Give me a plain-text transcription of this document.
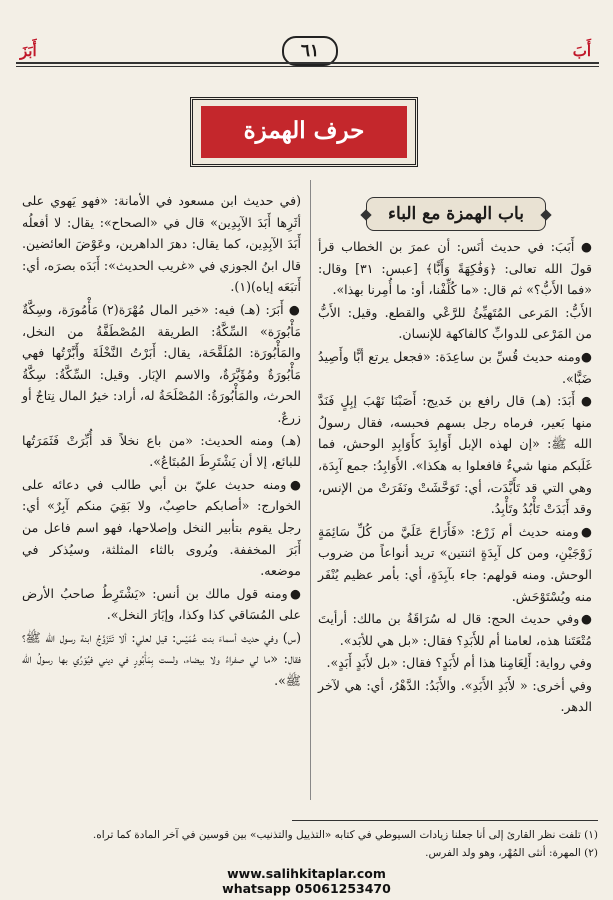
أَبَ
أَبَزَ	٦١
حرف الهمزة
باب الهمزة مع الباء

● أَبَبَ: في حديث أنَس: أن عمرَ بن الخطاب قرأ قولَ الله تعالى: ﴿وَفَٰكِهَةً وَأَبًّا﴾ [عبس: ٣١] وقال: «فما الأَبُّ؟» ثم قال: «ما كُلِّفْنا، أو: ما أُمِرنا بهذا».

الأَبُّ: المَرعى المُتَهيِّئُ للرَّعْي والقطع. وقيل: الأَبُّ من المَرْعى للدوابِّ كالفاكهة للإنسان.

●ومنه حديث قُسِّ بن ساعِدَة: «فجعل يرتع أبًّا وأَصِيدُ ضَبًّا».

● أَبَدَ: (هـ) قال رافع بن خَديج: أَصَبْنَا نَهْبَ إبِلٍ فَنَدَّ منها بَعير، فرماه رجل بسهم فحبسه، فقال رسولُ الله ﷺ: «إن لهذه الإبل أَوَابِدَ كأَوَابِدِ الوحش، فما غَلَبكم منها شيءٌ فافعلوا به هكذا». الأَوَابِدُ: جمع آبِدَة، وهي التي قد تَأَبَّدَت، أي: تَوَحَّشَتْ ونَفَرَتْ من الإنس، وقد أَبَدَتْ تَأْبُدُ وتَأْبِدُ.

●ومنه حديث أم زَرْع: «فَأَرَاحَ عَلَيَّ من كُلِّ سَائِمَةٍ زَوْجَيْنِ، ومن كل آبِدَةٍ اثنتين» تريد أنواعاً من ضروب الوحش. ومنه قولهم: جاء بآبِدَةٍ، أي: بأمر عظيم يُنْفَر منه ويُسْتَوْحَش.

●وفي حديث الحج: قال له سُرَاقَةُ بن مالك: أرأيتَ مُتْعَتَنا هذه، لعامنا أم للأَبَدِ؟ فقال: «بل هي للأبَد».

وفي رواية: أَلِعَامِنا هذا أم لأَبَدٍ؟ فقال: «بل لأَبَدٍ أَبَدٍ».

وفي أخرى: « لأَبَدِ الأَبَدِ». والأَبَدُ: الدَّهْرُ، أي: هي لآخر الدهر.

(في حديث ابن مسعود في الأمانة: «فهو يَهوي على أثَرِها أَبَدَ الآبِدِين» قال في «الصحاح»: يقال: لا أفعلُه أَبَدَ الآبِدِين، كما يقال: دهرَ الداهرين، وعَوْضَ العائضين. قال ابنُ الجوزي في «غريب الحديث»: أَبَدَه بصرَه، أي: أَتبَعَه إياه)(١).

● أَبَرَ: (هـ) فيه: «خير المال مُهْرَة(٢) مَأْمُورَة، وسِكَّةٌ مَأْبُورَة» السِّكَّةُ: الطريقة المُصْطَفَّةُ من النخل، والمَأْبُورَة: المُلَقَّحَة، يقال: أَبَرْتُ النَّخْلَةَ وأَبَّرْتُها فهي مَأْبُورَةٌ ومُؤَبَّرَةٌ، والاسم الإبَار. وقيل: السِّكَّةُ: سِكَّةُ الحرث، والمَأْبُورَةُ: المُصْلَحَةُ له، أراد: خيرُ المال نِتاجٌ أو زرعٌ.

(هـ) ومنه الحديث: «من باع نخلاً قد أُبِّرَتْ فَثَمَرَتُها للبائع، إلا أن يَشْتَرِطَ المُبتَاعُ».

●ومنه حديث عليّ بن أبي طالب في دعائه على الخوارج: «أصابكم حاصِبٌ، ولا بَقِيَ منكم آبِرٌ» أي: رجل يقوم بتأبير النخل وإصلاحها، فهو اسم فاعل من أَبَرَ المخففة. ويُروى بالثاء المثلثة، وسيُذكر في موضعه.

●ومنه قول مالك بن أنس: «يَشْتَرِطُ صاحبُ الأرض على المُسَاقي كذا وكذا، وإبَارَ النخل».

(س) وفي حديث أسماءَ بنت عُمَيْس: قيل لعلي: ألا تَتَزَوَّجُ ابنة رسول الله ﷺ؟ فقال: «ما لي صفراءُ ولا بيضاء، ولست بِمَأْبُورٍ في ديني فيُوَرِّي بها رسولُ الله ﷺ».

(١) تلفت نظر القارئ إلى أنا جعلنا زيادات السيوطي في كتابه «التذييل والتذنيب» بين قوسين في آخر المادة كما تراه.

(٢) المهرة: أنثى المُهْر، وهو ولد الفرس.

www.salihkitaplar.com
whatsapp 05061253470
